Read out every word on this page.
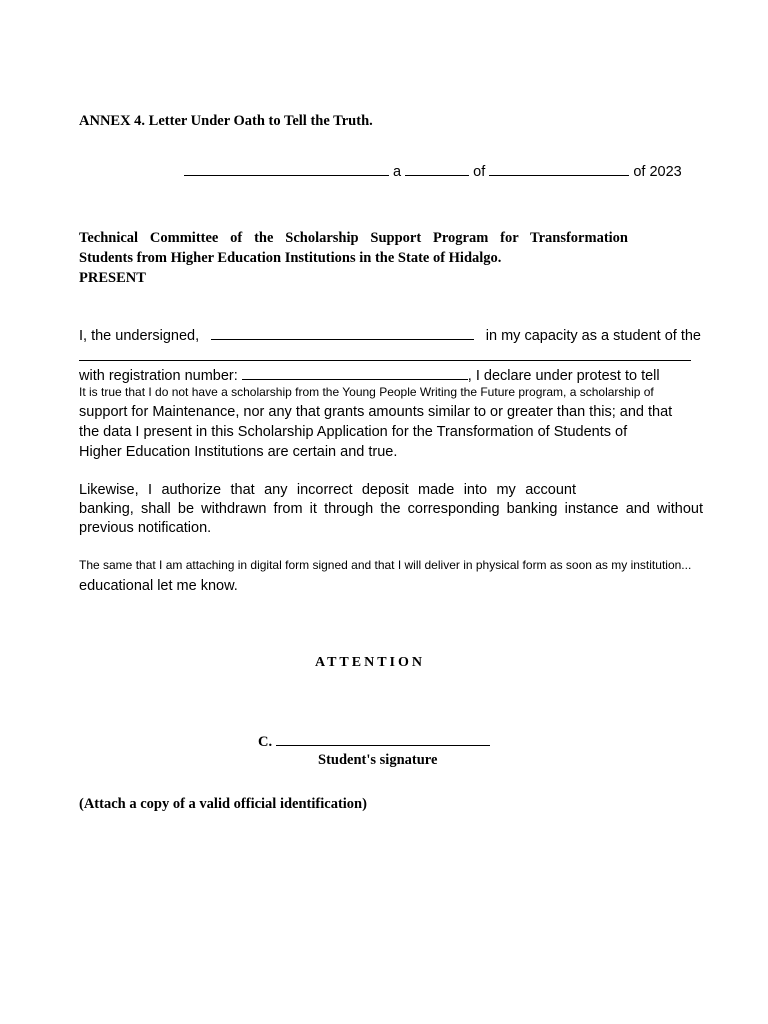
ANNEX 4. Letter Under Oath to Tell the Truth.

a	of	of 2023

Technical Committee of the Scholarship Support Program for Transformation

Students from Higher Education Institutions in the State of Hidalgo.

PRESENT

I, the undersigned,	in my capacity as a student of the
with registration number:	, I declare under protest to tell

It is true that I do not have a scholarship from the Young People Writing the Future program, a scholarship of

support for Maintenance, nor any that grants amounts similar to or greater than this; and that

the data I present in this Scholarship Application for the Transformation of Students of

Higher Education Institutions are certain and true.

Likewise, I authorize that any incorrect deposit made into my account

banking, shall be withdrawn from it through the corresponding banking instance and without

previous notification.

The same that I am attaching in digital form signed and that I will deliver in physical form as soon as my institution...

educational let me know.

ATTENTION

C.

Student's signature

(Attach a copy of a valid official identification)
